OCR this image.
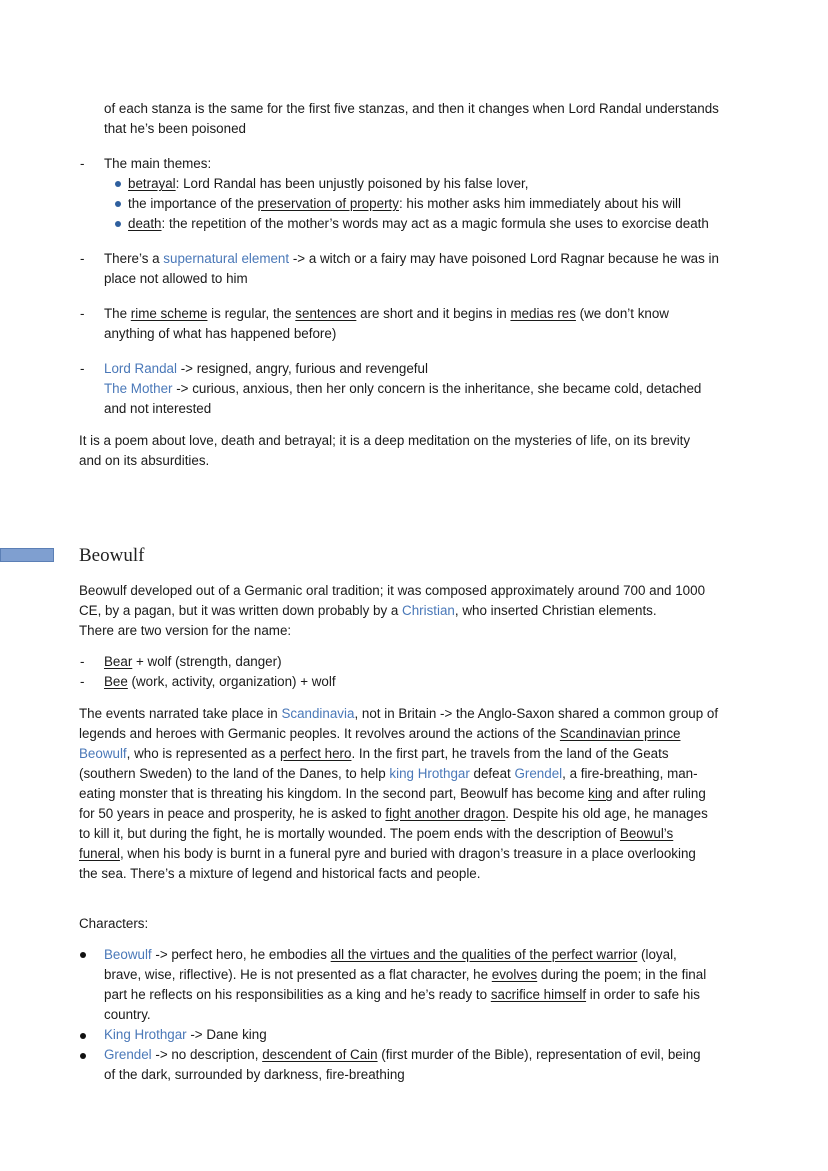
of each stanza is the same for the first five stanzas, and then it changes when Lord Randal understands
that he’s been poisoned
- The main themes:
betrayal: Lord Randal has been unjustly poisoned by his false lover,
the importance of the preservation of property: his mother asks him immediately about his will
death: the repetition of the mother’s words may act as a magic formula she uses to exorcise death
- There’s a supernatural element -> a witch or a fairy may have poisoned Lord Ragnar because he was in
place not allowed to him
- The rime scheme is regular, the sentences are short and it begins in medias res (we don’t know
anything of what has happened before)
- Lord Randal -> resigned, angry, furious and revengeful
The Mother -> curious, anxious, then her only concern is the inheritance, she became cold, detached
and not interested
It is a poem about love, death and betrayal; it is a deep meditation on the mysteries of life, on its brevity
and on its absurdities.
Beowulf
Beowulf developed out of a Germanic oral tradition; it was composed approximately around 700 and 1000
CE, by a pagan, but it was written down probably by a Christian, who inserted Christian elements.
There are two version for the name:
-
-
Bear + wolf (strength, danger)
Bee (work, activity, organization) + wolf
The events narrated take place in Scandinavia, not in Britain -> the Anglo-Saxon shared a common group of
legends and heroes with Germanic peoples. It revolves around the actions of the Scandinavian prince
Beowulf, who is represented as a perfect hero. In the first part, he travels from the land of the Geats
(southern Sweden) to the land of the Danes, to help king Hrothgar defeat Grendel, a fire-breathing, man-
eating monster that is threating his kingdom. In the second part, Beowulf has become king and after ruling
for 50 years in peace and prosperity, he is asked to fight another dragon. Despite his old age, he manages
to kill it, but during the fight, he is mortally wounded. The poem ends with the description of Beowul’s
funeral, when his body is burnt in a funeral pyre and buried with dragon’s treasure in a place overlooking
the sea. There’s a mixture of legend and historical facts and people.
Characters:
Beowulf -> perfect hero, he embodies all the virtues and the qualities of the perfect warrior (loyal,
brave, wise, riflective). He is not presented as a flat character, he evolves during the poem; in the final
part he reflects on his responsibilities as a king and he’s ready to sacrifice himself in order to safe his
country.
King Hrothgar -> Dane king
Grendel -> no description, descendent of Cain (first murder of the Bible), representation of evil, being
of the dark, surrounded by darkness, fire-breathing
